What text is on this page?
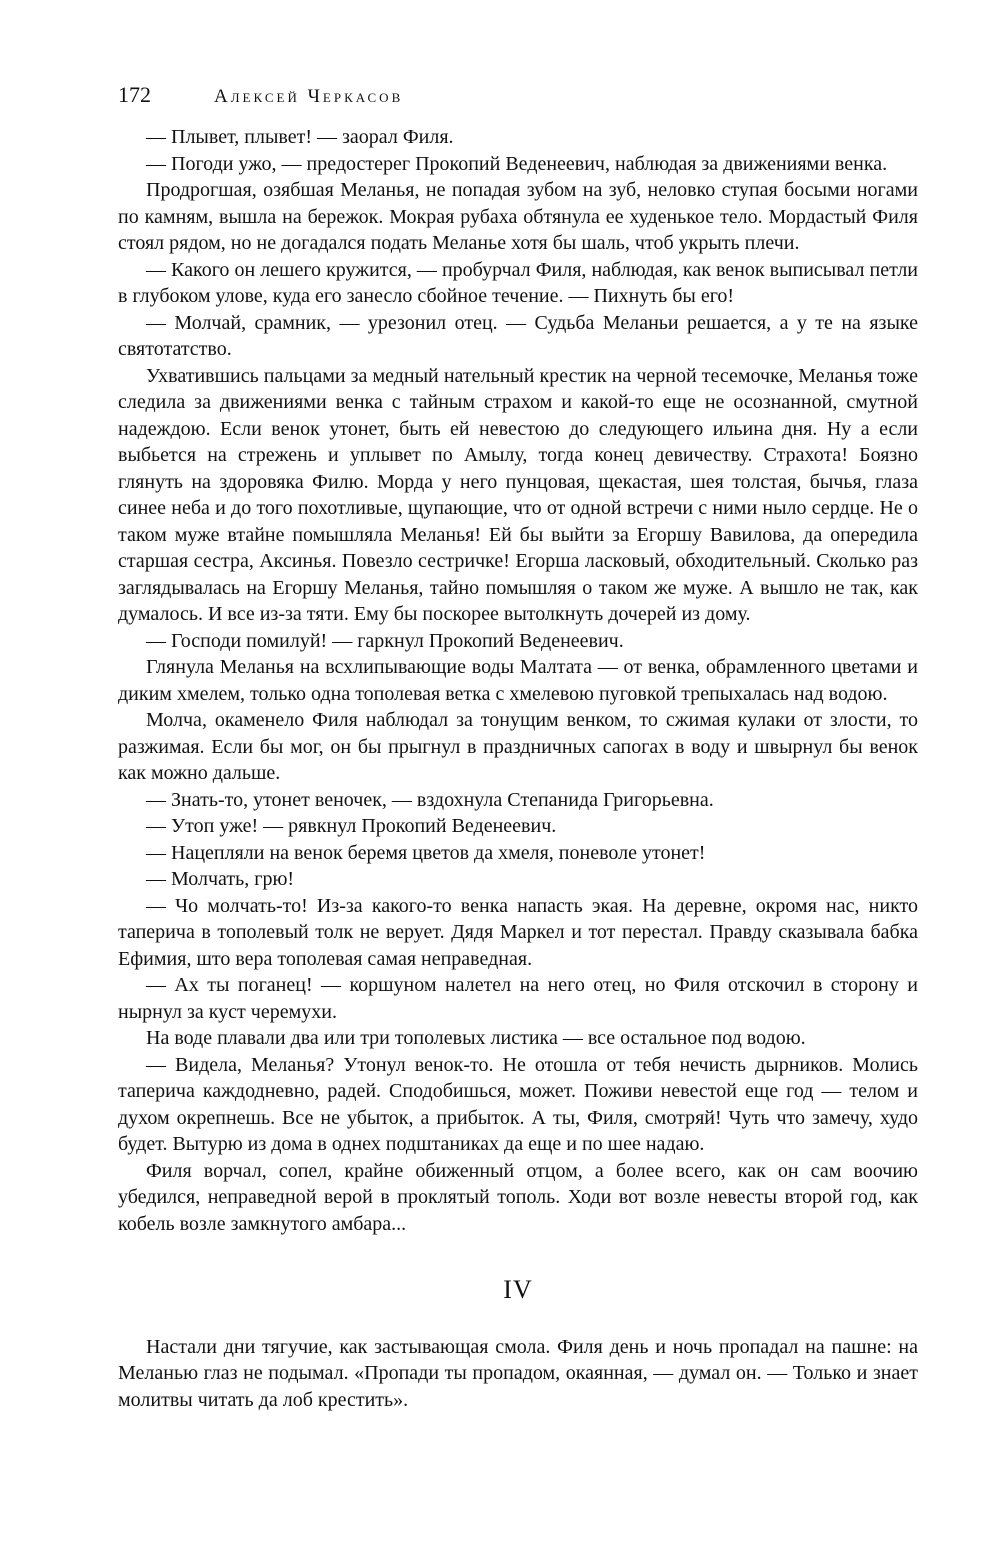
172	Алексей Черкасов

— Плывет, плывет! — заорал Филя.

— Погоди ужо, — предостерег Прокопий Веденеевич, наблюдая за движениями венка.

Продрогшая, озябшая Меланья, не попадая зубом на зуб, неловко ступая босыми ногами по камням, вышла на бережок. Мокрая рубаха обтянула ее худенькое тело. Мордастый Филя стоял рядом, но не догадался подать Меланье хотя бы шаль, чтоб укрыть плечи.

— Какого он лешего кружится, — пробурчал Филя, наблюдая, как венок выписывал петли в глубоком улове, куда его занесло сбойное течение. — Пихнуть бы его!

— Молчай, срамник, — урезонил отец. — Судьба Меланьи решается, а у те на языке святотатство.

Ухватившись пальцами за медный нательный крестик на черной тесемочке, Меланья тоже следила за движениями венка с тайным страхом и какой-то еще не осознанной, смутной надеждою. Если венок утонет, быть ей невестою до следующего ильина дня. Ну а если выбьется на стрежень и уплывет по Амылу, тогда конец девичеству. Страхота! Боязно глянуть на здоровяка Филю. Морда у него пунцовая, щекастая, шея толстая, бычья, глаза синее неба и до того похотливые, щупающие, что от одной встречи с ними ныло сердце. Не о таком муже втайне помышляла Меланья! Ей бы выйти за Егоршу Вавилова, да опередила старшая сестра, Аксинья. Повезло сестричке! Егорша ласковый, обходительный. Сколько раз заглядывалась на Егоршу Меланья, тайно помышляя о таком же муже. А вышло не так, как думалось. И все из-за тяти. Ему бы поскорее вытолкнуть дочерей из дому.

— Господи помилуй! — гаркнул Прокопий Веденеевич.

Глянула Меланья на всхлипывающие воды Малтата — от венка, обрамленного цветами и диким хмелем, только одна тополевая ветка с хмелевою пуговкой трепыхалась над водою.

Молча, окаменело Филя наблюдал за тонущим венком, то сжимая кулаки от злости, то разжимая. Если бы мог, он бы прыгнул в праздничных сапогах в воду и швырнул бы венок как можно дальше.

— Знать-то, утонет веночек, — вздохнула Степанида Григорьевна.

— Утоп уже! — рявкнул Прокопий Веденеевич.

— Нацепляли на венок беремя цветов да хмеля, поневоле утонет!

— Молчать, грю!

— Чо молчать-то! Из-за какого-то венка напасть экая. На деревне, окромя нас, никто таперича в тополевый толк не верует. Дядя Маркел и тот перестал. Правду сказывала бабка Ефимия, што вера тополевая самая неправедная.

— Ах ты поганец! — коршуном налетел на него отец, но Филя отскочил в сторону и нырнул за куст черемухи.

На воде плавали два или три тополевых листика — все остальное под водою.

— Видела, Меланья? Утонул венок-то. Не отошла от тебя нечисть дырников. Молись таперича каждодневно, радей. Сподобишься, может. Поживи невестой еще год — телом и духом окрепнешь. Все не убыток, а прибыток. А ты, Филя, смотряй! Чуть что замечу, худо будет. Вытурю из дома в однех подштаниках да еще и по шее надаю.

Филя ворчал, сопел, крайне обиженный отцом, а более всего, как он сам воочию убедился, неправедной верой в проклятый тополь. Ходи вот возле невесты второй год, как кобель возле замкнутого амбара...

IV

Настали дни тягучие, как застывающая смола. Филя день и ночь пропадал на пашне: на Меланью глаз не подымал. «Пропади ты пропадом, окаянная, — думал он. — Только и знает молитвы читать да лоб крестить».
